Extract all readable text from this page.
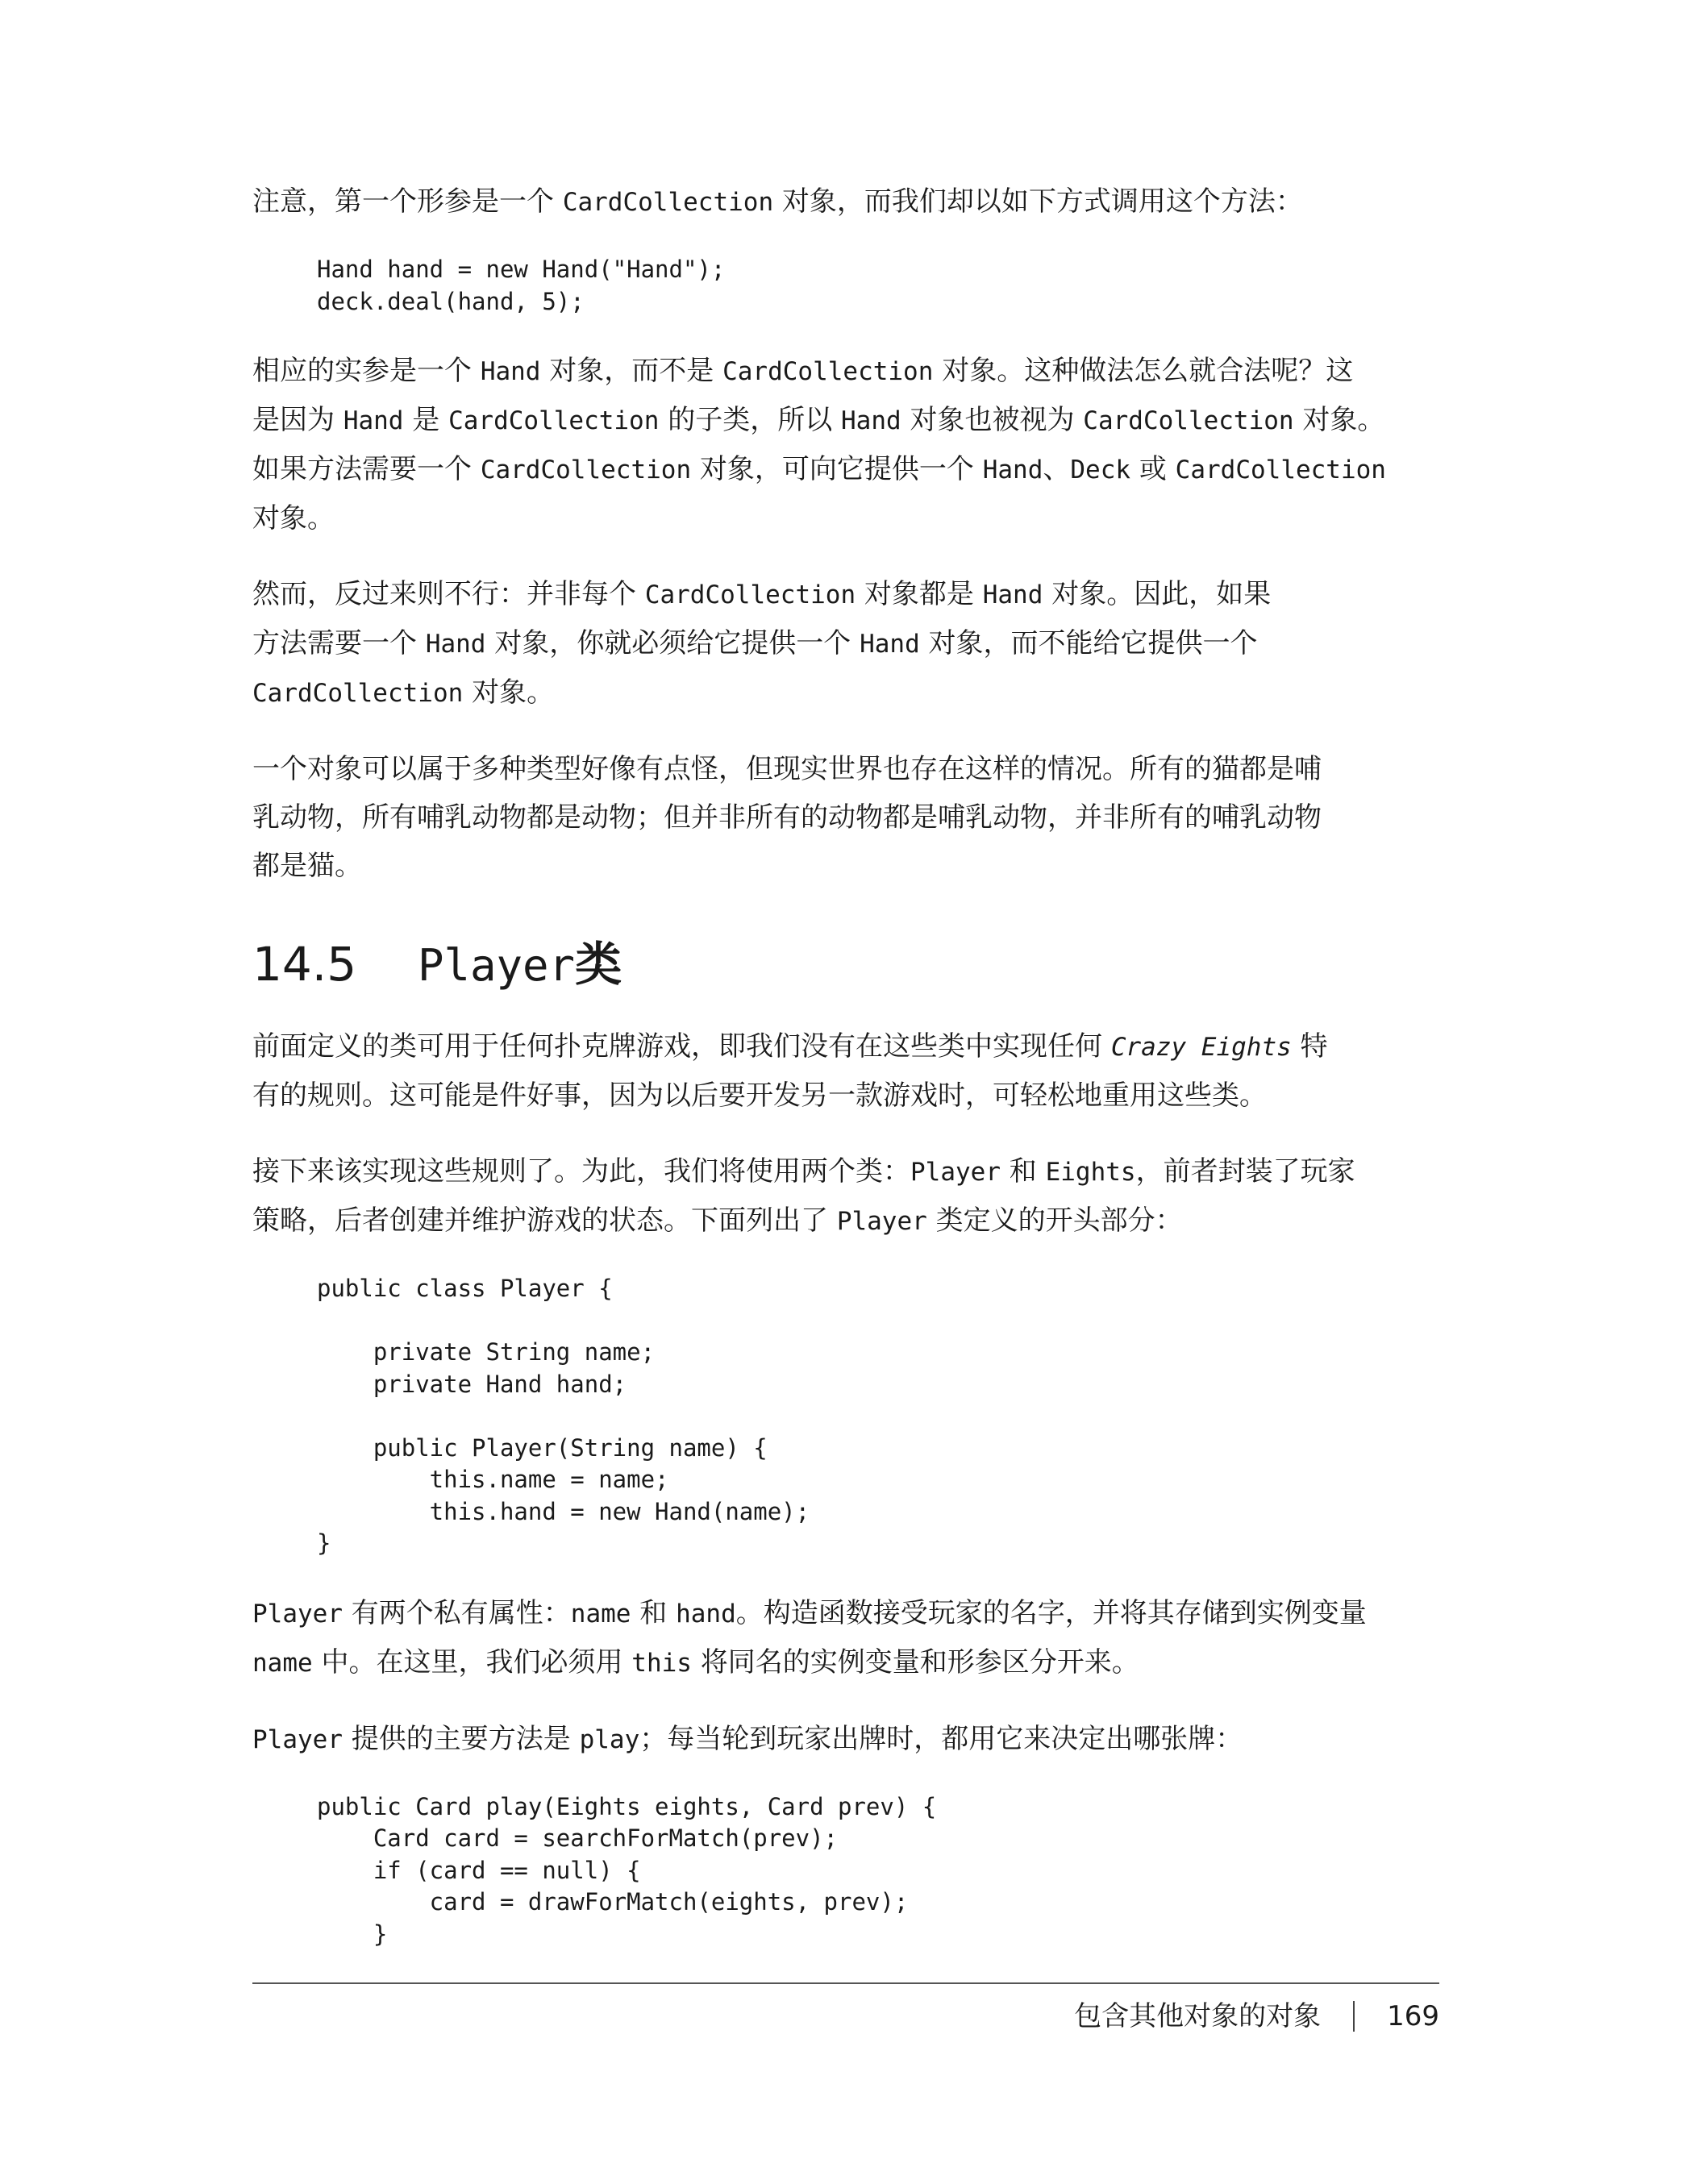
注意，第一个形参是一个 CardCollection 对象，而我们却以如下方式调用这个方法：

Hand hand = new Hand("Hand");
deck.deal(hand, 5);

相应的实参是一个 Hand 对象，而不是 CardCollection 对象。这种做法怎么就合法呢？这
是因为 Hand 是 CardCollection 的子类，所以 Hand 对象也被视为 CardCollection 对象。
如果方法需要一个 CardCollection 对象，可向它提供一个 Hand、Deck 或 CardCollection
对象。

然而，反过来则不行：并非每个 CardCollection 对象都是 Hand 对象。因此，如果
方法需要一个 Hand 对象，你就必须给它提供一个 Hand 对象，而不能给它提供一个
CardCollection 对象。

一个对象可以属于多种类型好像有点怪，但现实世界也存在这样的情况。所有的猫都是哺
乳动物，所有哺乳动物都是动物；但并非所有的动物都是哺乳动物，并非所有的哺乳动物
都是猫。

14.5	Player 类

前面定义的类可用于任何扑克牌游戏，即我们没有在这些类中实现任何 Crazy Eights 特
有的规则。这可能是件好事，因为以后要开发另一款游戏时，可轻松地重用这些类。

接下来该实现这些规则了。为此，我们将使用两个类：Player 和 Eights，前者封装了玩家
策略，后者创建并维护游戏的状态。下面列出了 Player 类定义的开头部分：

public class Player {

private String name;
private Hand hand;

public Player(String name) {
this.name = name;
this.hand = new Hand(name);
}

Player 有两个私有属性：name 和 hand。构造函数接受玩家的名字，并将其存储到实例变量
name 中。在这里，我们必须用 this 将同名的实例变量和形参区分开来。

Player 提供的主要方法是 play；每当轮到玩家出牌时，都用它来决定出哪张牌：

public Card play(Eights eights, Card prev) {
Card card = searchForMatch(prev);
if (card == null) {
card = drawForMatch(eights, prev);
}
包含其他对象的对象 169
